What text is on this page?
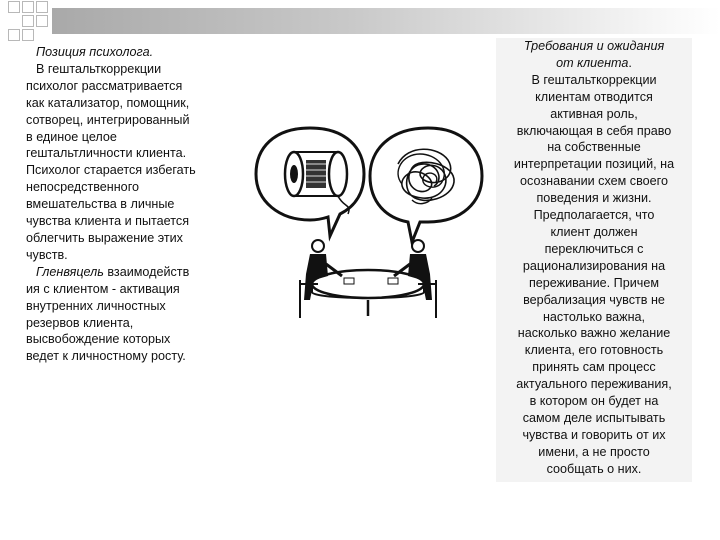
Позиция психолога.

В гештальткоррекции

психолог рассматривается

как катализатор, помощник,

сотворец, интегрированный

в единое целое

гештальтличности клиента.

Психолог старается избегать

непосредственного

вмешательства в личные

чувства клиента и пытается

облегчить выражение этих

чувств.

Гленвяцель взаимодейств

ия с клиентом - активация

внутренних личностных

резервов клиента,

высвобождение которых

ведет к личностному росту.

Требования и ожидания

от клиента.

В гештальткоррекции

клиентам отводится

активная роль,

включающая в себя право

на собственные

интерпретации позиций, на

осознавании схем своего

поведения и жизни.

Предполагается, что

клиент должен

переключиться с

рационализирования на

переживание. Причем

вербализация чувств не

настолько важна,

насколько важно желание

клиента, его готовность

принять сам процесс

актуального переживания,

в котором он будет на

самом деле испытывать

чувства и говорить от их

имени, а не просто

сообщать о них.
